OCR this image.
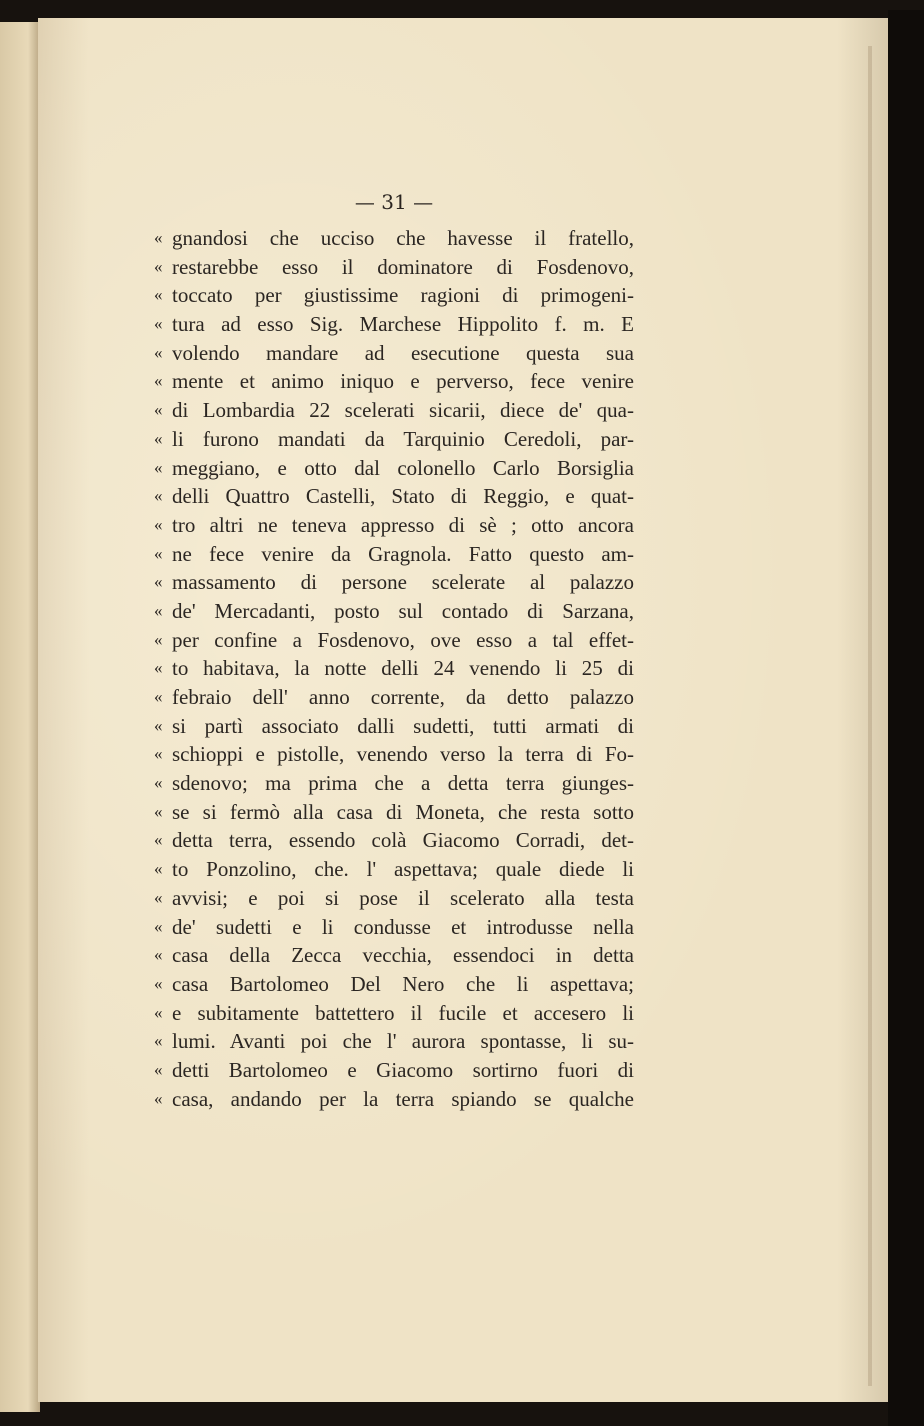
— 31 —
« gnandosi che ucciso che havesse il fratello,
« restarebbe esso il dominatore di Fosdenovo,
« toccato per giustissime ragioni di primogeni-
« tura ad esso Sig. Marchese Hippolito f. m. E
« volendo mandare ad esecutione questa sua
« mente et animo iniquo e perverso, fece venire
« di Lombardia 22 scelerati sicarii, diece de' qua-
« li furono mandati da Tarquinio Ceredoli, par-
« meggiano, e otto dal colonello Carlo Borsiglia
« delli Quattro Castelli, Stato di Reggio, e quat-
« tro altri ne teneva appresso di sè ; otto ancora
« ne fece venire da Gragnola. Fatto questo am-
« massamento di persone scelerate al palazzo
« de' Mercadanti, posto sul contado di Sarzana,
« per confine a Fosdenovo, ove esso a tal effet-
« to habitava, la notte delli 24 venendo li 25 di
« febraio dell' anno corrente, da detto palazzo
« si partì associato dalli sudetti, tutti armati di
« schioppi e pistolle, venendo verso la terra di Fo-
« sdenovo; ma prima che a detta terra giunges-
« se si fermò alla casa di Moneta, che resta sotto
« detta terra, essendo colà Giacomo Corradi, det-
« to Ponzolino, che. l' aspettava; quale diede li
« avvisi; e poi si pose il scelerato alla testa
« de' sudetti e li condusse et introdusse nella
« casa della Zecca vecchia, essendoci in detta
« casa Bartolomeo Del Nero che li aspettava;
« e subitamente battettero il fucile et accesero li
« lumi. Avanti poi che l' aurora spontasse, li su-
« detti Bartolomeo e Giacomo sortirno fuori di
« casa, andando per la terra spiando se qualche
